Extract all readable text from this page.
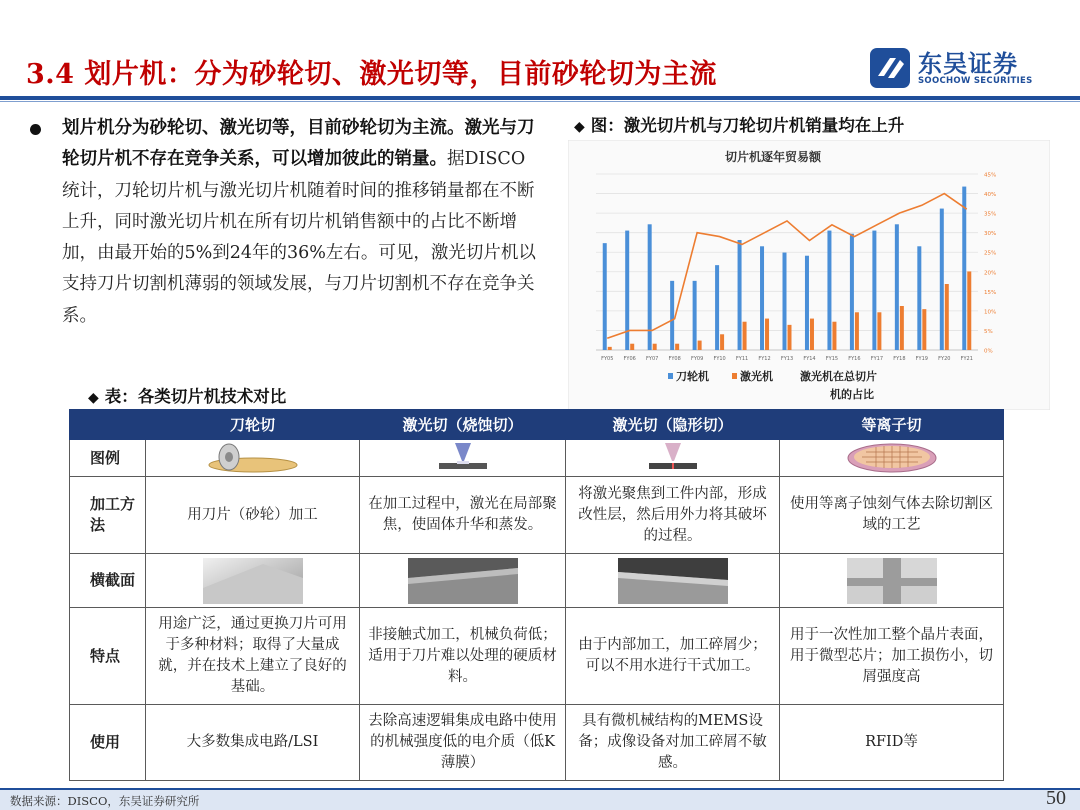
3.4 划片机：分为砂轮切、激光切等，目前砂轮切为主流	东吴证券
SOOCHOW SECURITIES
划片机分为砂轮切、激光切等，目前砂轮切为主流。激光与刀轮切片机不存在竞争关系，可以增加彼此的销量。据DISCO统计，刀轮切片机与激光切片机随着时间的推移销量都在不断上升，同时激光切片机在所有切片机销售额中的占比不断增加，由最开始的5%到24年的36%左右。可见，激光切片机以支持刀片切割机薄弱的领域发展，与刀片切割机不存在竞争关系。
◆ 图：激光切片机与刀轮切片机销量均在上升
切片机逐年贸易额
FY05 FY06 FY07 FY08 FY09 FY10 FY11 FY12 FY13 FY14 FY15 FY16 FY17 FY18 FY19 FY20 FY21
0%
5%
10%
15%
20%
25%
30%
35%
40%
45%
刀轮机	激光机 激光机在总切片
机的占比
◆ 表：各类切片机技术对比
	刀轮切	激光切（烧蚀切）	激光切（隐形切）	等离子切
图例	

加工方法	用刀片（砂轮）加工	在加工过程中，激光在局部聚焦，使固体升华和蒸发。	将激光聚焦到工件内部，形成改性层，然后用外力将其破坏的过程。	使用等离子蚀刻气体去除切割区域的工艺
横截面	

特点	用途广泛，通过更换刀片可用于多种材料；取得了大量成就，并在技术上建立了良好的基础。	非接触式加工，机械负荷低；适用于刀片难以处理的硬质材料。	由于内部加工，加工碎屑少；可以不用水进行干式加工。	用于一次性加工整个晶片表面，用于微型芯片；加工损伤小，切屑强度高
使用	大多数集成电路/LSI	去除高速逻辑集成电路中使用的机械强度低的电介质（低K薄膜）	具有微机械结构的MEMS设备；成像设备对加工碎屑不敏感。	RFID等
数据来源：DISCO，东吴证券研究所	50
